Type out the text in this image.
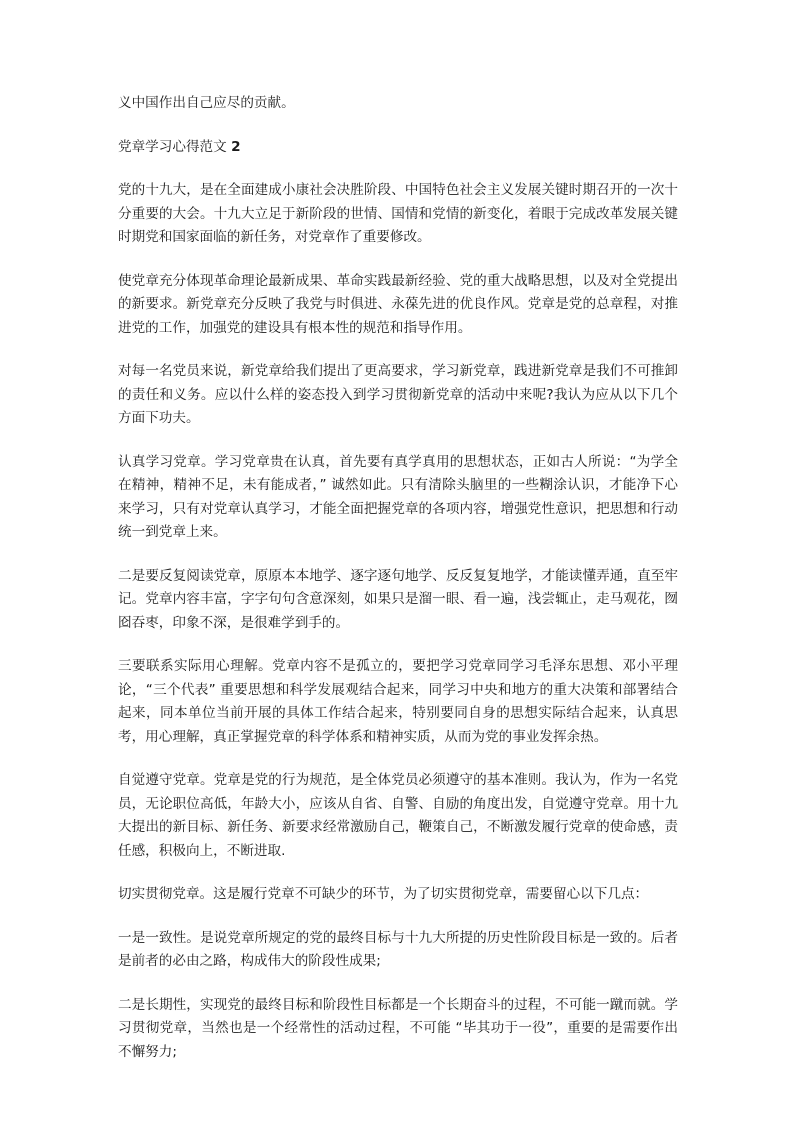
义中国作出自己应尽的贡献。

党章学习心得范文 2

党的十九大，是在全面建成小康社会决胜阶段、中国特色社会主义发展关键时期召开的一次十分重要的大会。十九大立足于新阶段的世情、国情和党情的新变化，着眼于完成改革发展关键时期党和国家面临的新任务，对党章作了重要修改。

使党章充分体现革命理论最新成果、革命实践最新经验、党的重大战略思想，以及对全党提出的新要求。新党章充分反映了我党与时俱进、永葆先进的优良作风。党章是党的总章程，对推进党的工作，加强党的建设具有根本性的规范和指导作用。

对每一名党员来说，新党章给我们提出了更高要求，学习新党章，践进新党章是我们不可推卸的责任和义务。应以什么样的姿态投入到学习贯彻新党章的活动中来呢?我认为应从以下几个方面下功夫。

认真学习党章。学习党章贵在认真，首先要有真学真用的思想状态，正如古人所说：“为学全在精神，精神不足，未有能成者，” 诚然如此。只有清除头脑里的一些糊涂认识，才能净下心来学习，只有对党章认真学习，才能全面把握党章的各项内容，增强党性意识，把思想和行动统一到党章上来。

二是要反复阅读党章，原原本本地学、逐字逐句地学、反反复复地学，才能读懂弄通，直至牢记。党章内容丰富，字字句句含意深刻，如果只是溜一眼、看一遍，浅尝辄止，走马观花，囫囵吞枣，印象不深，是很难学到手的。

三要联系实际用心理解。党章内容不是孤立的，要把学习党章同学习毛泽东思想、邓小平理论，“三个代表” 重要思想和科学发展观结合起来，同学习中央和地方的重大决策和部署结合起来，同本单位当前开展的具体工作结合起来，特别要同自身的思想实际结合起来，认真思考，用心理解，真正掌握党章的科学体系和精神实质，从而为党的事业发挥余热。

自觉遵守党章。党章是党的行为规范，是全体党员必须遵守的基本准则。我认为，作为一名党员，无论职位高低，年龄大小，应该从自省、自警、自励的角度出发，自觉遵守党章。用十九大提出的新目标、新任务、新要求经常激励自己，鞭策自己，不断激发履行党章的使命感，责任感，积极向上，不断进取.

切实贯彻党章。这是履行党章不可缺少的环节，为了切实贯彻党章，需要留心以下几点：

一是一致性。是说党章所规定的党的最终目标与十九大所提的历史性阶段目标是一致的。后者是前者的必由之路，构成伟大的阶段性成果;

二是长期性，实现党的最终目标和阶段性目标都是一个长期奋斗的过程，不可能一蹴而就。学习贯彻党章，当然也是一个经常性的活动过程，不可能 “毕其功于一役”，重要的是需要作出不懈努力;
